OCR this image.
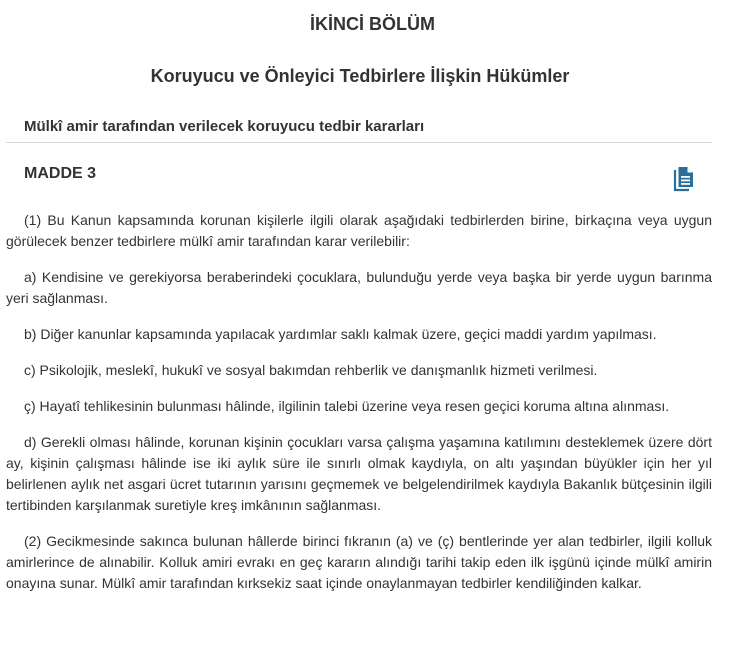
İKİNCİ BÖLÜM
Koruyucu ve Önleyici Tedbirlere İlişkin Hükümler
Mülkî amir tarafından verilecek koruyucu tedbir kararları
MADDE 3

(1) Bu Kanun kapsamında korunan kişilerle ilgili olarak aşağıdaki tedbirlerden birine, birkaçına veya uygun görülecek benzer tedbirlere mülkî amir tarafından karar verilebilir:

a) Kendisine ve gerekiyorsa beraberindeki çocuklara, bulunduğu yerde veya başka bir yerde uygun barınma yeri sağlanması.

b) Diğer kanunlar kapsamında yapılacak yardımlar saklı kalmak üzere, geçici maddi yardım yapılması.

c) Psikolojik, meslekî, hukukî ve sosyal bakımdan rehberlik ve danışmanlık hizmeti verilmesi.

ç) Hayatî tehlikesinin bulunması hâlinde, ilgilinin talebi üzerine veya resen geçici koruma altına alınması.

d) Gerekli olması hâlinde, korunan kişinin çocukları varsa çalışma yaşamına katılımını desteklemek üzere dört ay, kişinin çalışması hâlinde ise iki aylık süre ile sınırlı olmak kaydıyla, on altı yaşından büyükler için her yıl belirlenen aylık net asgari ücret tutarının yarısını geçmemek ve belgelendirilmek kaydıyla Bakanlık bütçesinin ilgili tertibinden karşılanmak suretiyle kreş imkânının sağlanması.

(2) Gecikmesinde sakınca bulunan hâllerde birinci fıkranın (a) ve (ç) bentlerinde yer alan tedbirler, ilgili kolluk amirlerince de alınabilir. Kolluk amiri evrakı en geç kararın alındığı tarihi takip eden ilk işgünü içinde mülkî amirin onayına sunar. Mülkî amir tarafından kırksekiz saat içinde onaylanmayan tedbirler kendiliğinden kalkar.
